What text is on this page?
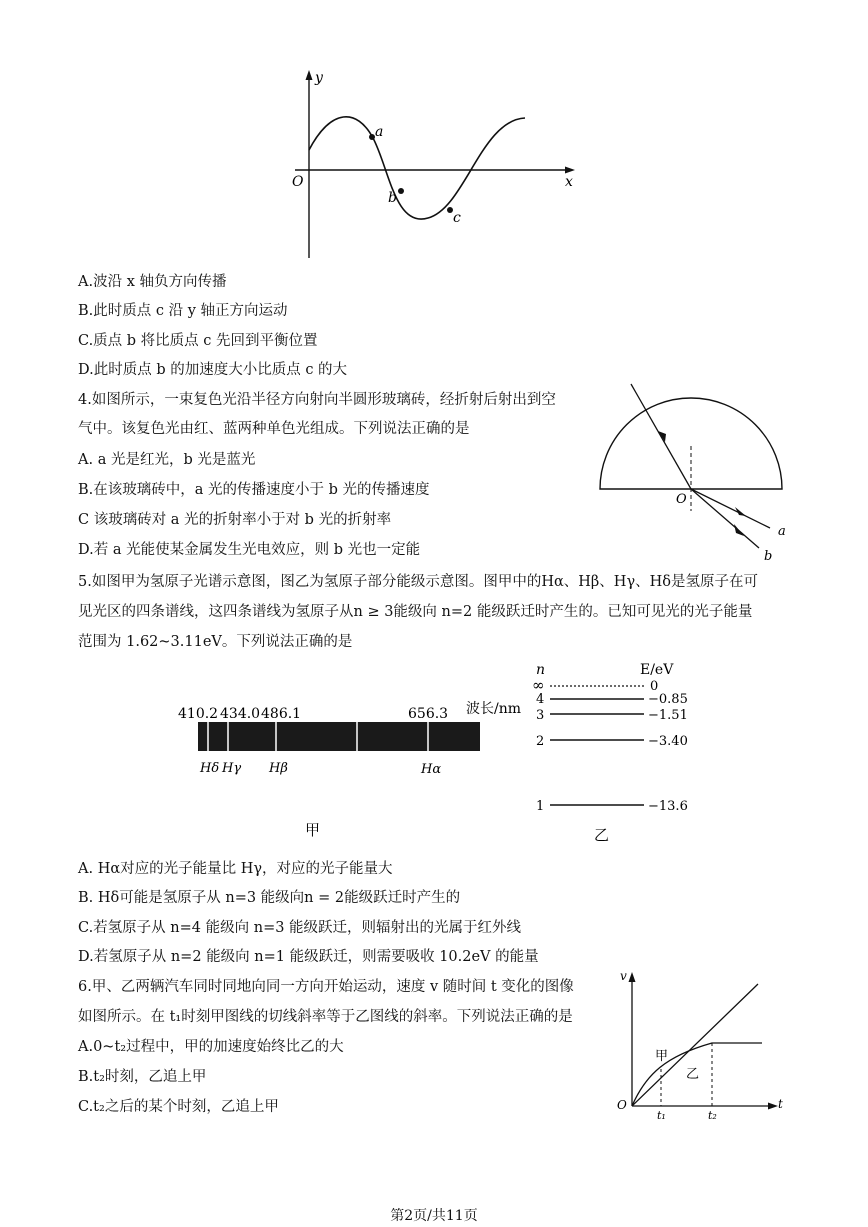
y
x
O
a
b
c
A.波沿 x 轴负方向传播
B.此时质点 c 沿 y 轴正方向运动
C.质点 b 将比质点 c 先回到平衡位置
D.此时质点 b 的加速度大小比质点 c 的大
4.如图所示，一束复色光沿半径方向射向半圆形玻璃砖，经折射后射出到空
气中。该复色光由红、蓝两种单色光组成。下列说法正确的是
A. a 光是红光，b 光是蓝光
B.在该玻璃砖中，a 光的传播速度小于 b 光的传播速度
C 该玻璃砖对 a 光的折射率小于对 b 光的折射率
D.若 a 光能使某金属发生光电效应，则 b 光也一定能
O
a
b
5.如图甲为氢原子光谱示意图，图乙为氢原子部分能级示意图。图甲中的Hα、Hβ、Hγ、Hδ是氢原子在可
见光区的四条谱线，这四条谱线为氢原子从n ≥ 3能级向 n=2 能级跃迁时产生的。已知可见光的光子能量
范围为 1.62~3.11eV。下列说法正确的是
410.2 434.0 486.1	656.3 波长/nm
Hδ Hγ Hβ	Hα
甲
n	E/eV
∞	0
4	−0.85
3	−1.51
2	−3.40
1	−13.6
乙
A. Hα对应的光子能量比 Hγ，对应的光子能量大
B. Hδ可能是氢原子从 n=3 能级向n = 2能级跃迁时产生的
C.若氢原子从 n=4 能级向 n=3 能级跃迁，则辐射出的光属于红外线
D.若氢原子从 n=2 能级向 n=1 能级跃迁，则需要吸收 10.2eV 的能量
6.甲、乙两辆汽车同时同地向同一方向开始运动，速度 v 随时间 t 变化的图像
如图所示。在 t₁时刻甲图线的切线斜率等于乙图线的斜率。下列说法正确的是
A.0~t₂过程中，甲的加速度始终比乙的大
B.t₂时刻，乙追上甲
C.t₂之后的某个时刻，乙追上甲
v
t
O
甲
乙
t₁	t₂
第2页/共11页
